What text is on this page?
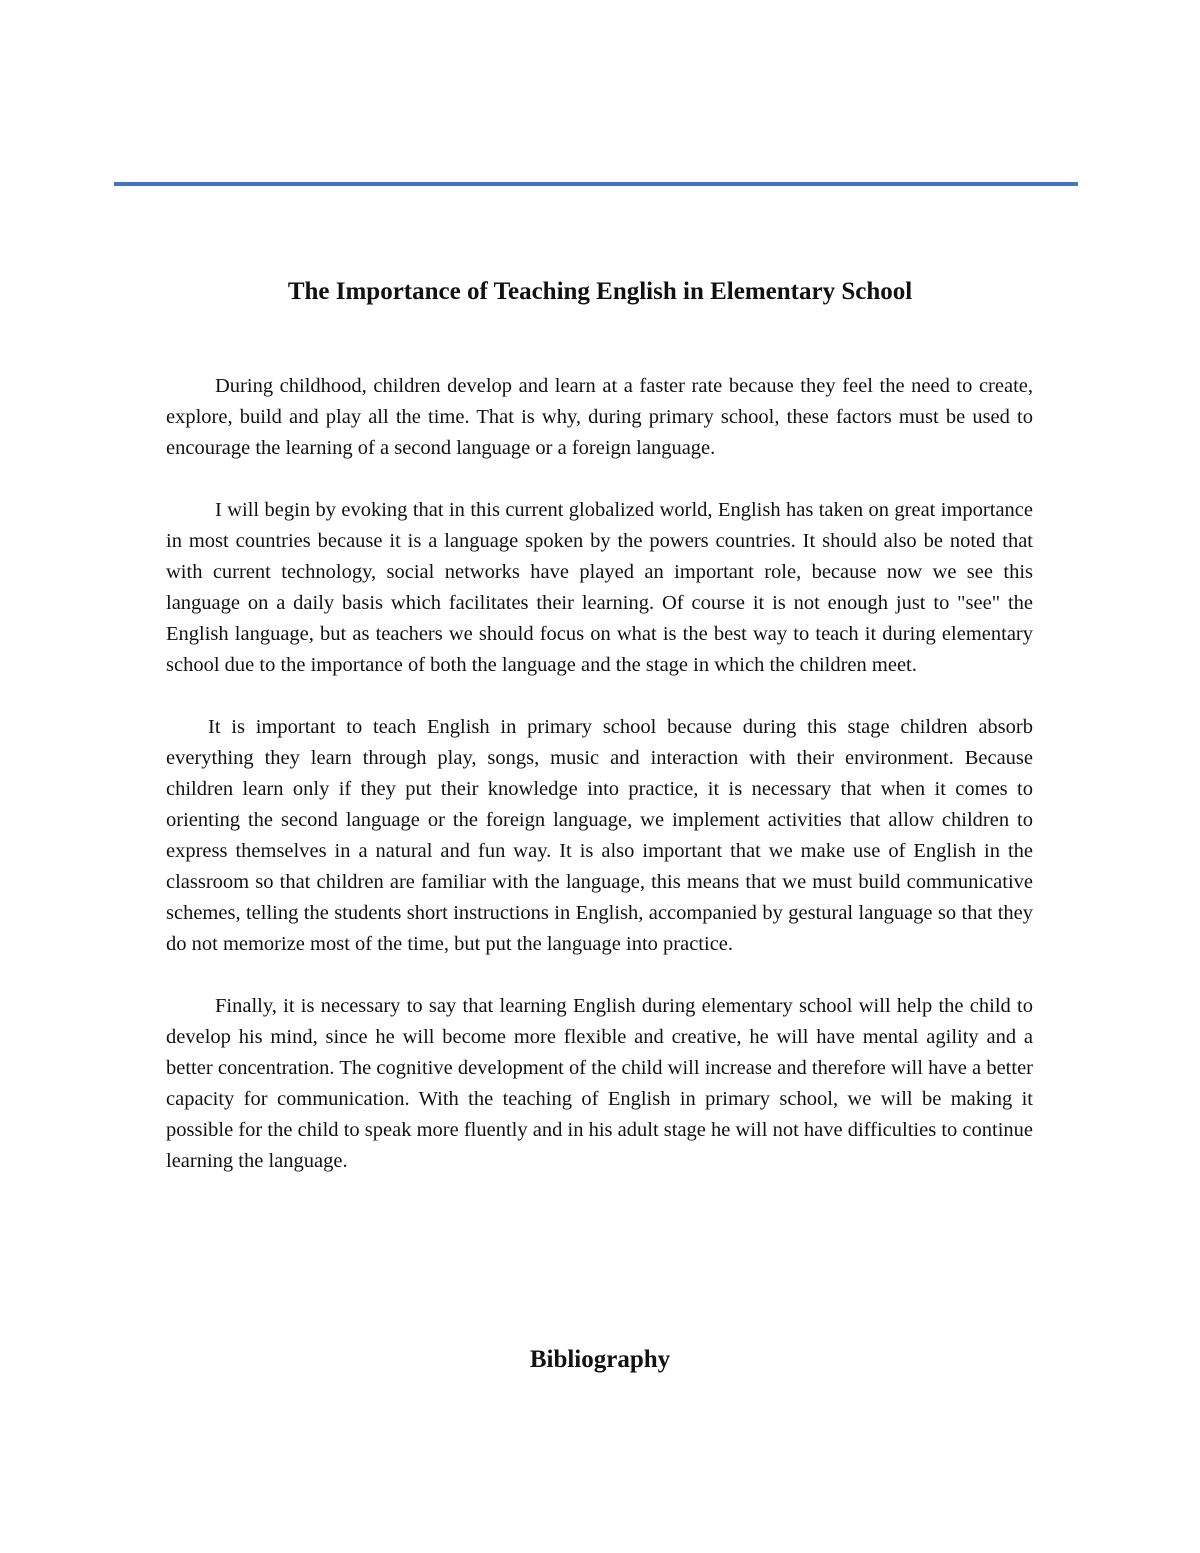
The Importance of Teaching English in Elementary School

During childhood, children develop and learn at a faster rate because they feel the need to create, explore, build and play all the time. That is why, during primary school, these factors must be used to encourage the learning of a second language or a foreign language.

I will begin by evoking that in this current globalized world, English has taken on great importance in most countries because it is a language spoken by the powers countries. It should also be noted that with current technology, social networks have played an important role, because now we see this language on a daily basis which facilitates their learning. Of course it is not enough just to "see" the English language, but as teachers we should focus on what is the best way to teach it during elementary school due to the importance of both the language and the stage in which the children meet.

It is important to teach English in primary school because during this stage children absorb everything they learn through play, songs, music and interaction with their environment. Because children learn only if they put their knowledge into practice, it is necessary that when it comes to orienting the second language or the foreign language, we implement activities that allow children to express themselves in a natural and fun way. It is also important that we make use of English in the classroom so that children are familiar with the language, this means that we must build communicative schemes, telling the students short instructions in English, accompanied by gestural language so that they do not memorize most of the time, but put the language into practice.

Finally, it is necessary to say that learning English during elementary school will help the child to develop his mind, since he will become more flexible and creative, he will have mental agility and a better concentration. The cognitive development of the child will increase and therefore will have a better capacity for communication. With the teaching of English in primary school, we will be making it possible for the child to speak more fluently and in his adult stage he will not have difficulties to continue learning the language.

Bibliography
